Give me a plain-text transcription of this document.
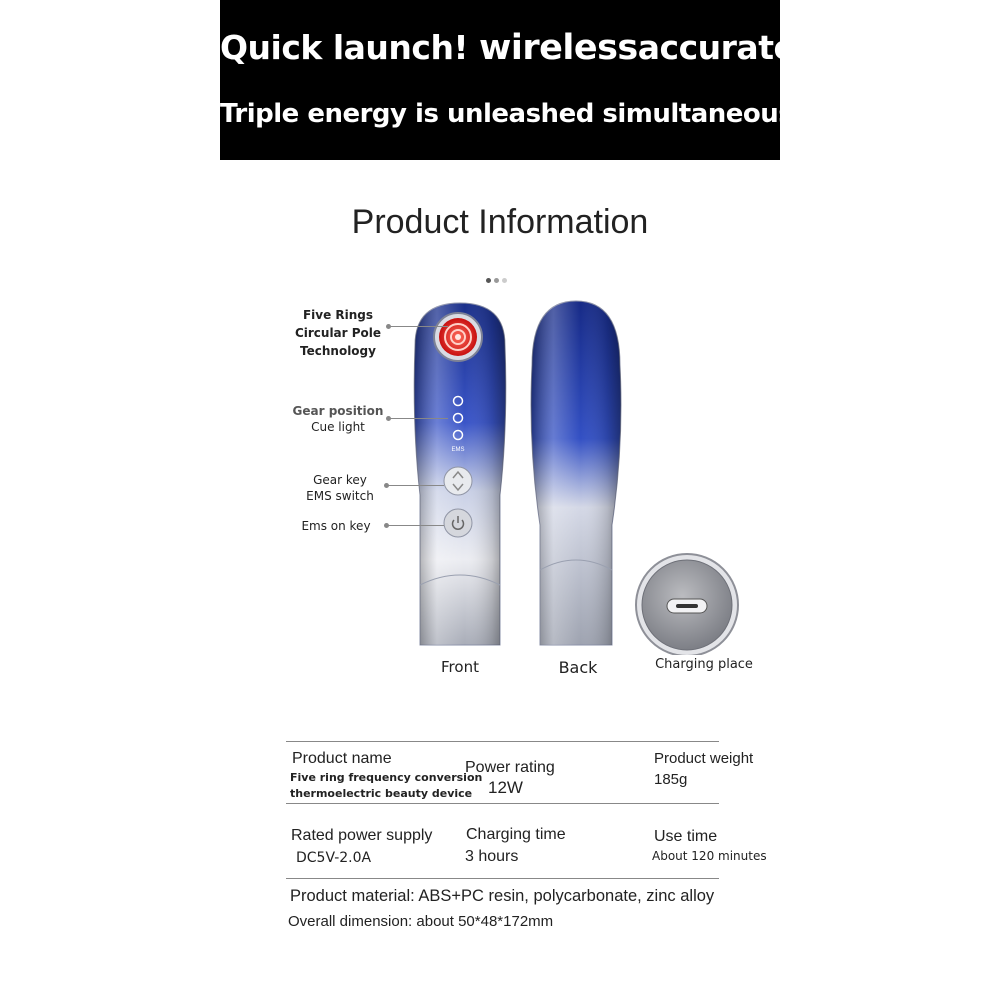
Quick launch! wirelessaccurate
Triple energy is unleashed simultaneously
Product Information
EMS
Five Rings
Circular Pole
Technology
Gear position
Cue light
Gear key
EMS switch
Ems on key
Front	Back	Charging place
Product name
Five ring frequency conversion
thermoelectric beauty device
Power rating
12W
Product weight
185g
Rated power supply
DC5V-2.0A
Charging time
3 hours
Use time
About 120 minutes
Product material: ABS+PC resin, polycarbonate, zinc alloy
Overall dimension: about 50*48*172mm
